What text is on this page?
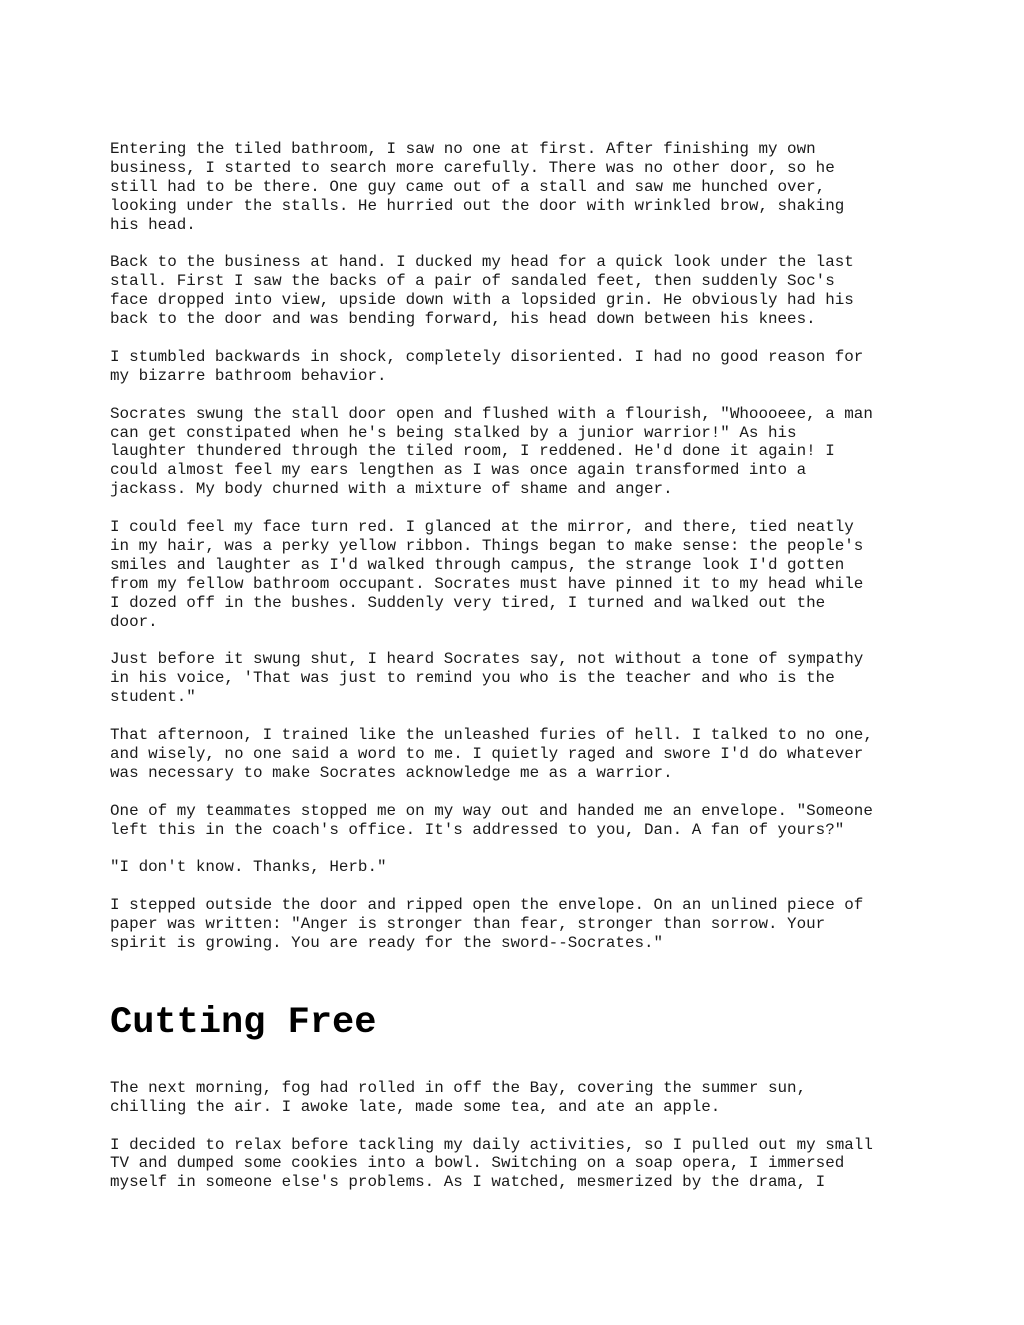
Entering the tiled bathroom, I saw no one at first. After finishing my own
business, I started to search more carefully. There was no other door, so he
still had to be there. One guy came out of a stall and saw me hunched over,
looking under the stalls. He hurried out the door with wrinkled brow, shaking
his head.

Back to the business at hand. I ducked my head for a quick look under the last
stall. First I saw the backs of a pair of sandaled feet, then suddenly Soc's
face dropped into view, upside down with a lopsided grin. He obviously had his
back to the door and was bending forward, his head down between his knees.

I stumbled backwards in shock, completely disoriented. I had no good reason for
my bizarre bathroom behavior.

Socrates swung the stall door open and flushed with a flourish, "Whoooeee, a man
can get constipated when he's being stalked by a junior warrior!" As his
laughter thundered through the tiled room, I reddened. He'd done it again! I
could almost feel my ears lengthen as I was once again transformed into a
jackass. My body churned with a mixture of shame and anger.

I could feel my face turn red. I glanced at the mirror, and there, tied neatly
in my hair, was a perky yellow ribbon. Things began to make sense: the people's
smiles and laughter as I'd walked through campus, the strange look I'd gotten
from my fellow bathroom occupant. Socrates must have pinned it to my head while
I dozed off in the bushes. Suddenly very tired, I turned and walked out the
door.

Just before it swung shut, I heard Socrates say, not without a tone of sympathy
in his voice, 'That was just to remind you who is the teacher and who is the
student."

That afternoon, I trained like the unleashed furies of hell. I talked to no one,
and wisely, no one said a word to me. I quietly raged and swore I'd do whatever
was necessary to make Socrates acknowledge me as a warrior.

One of my teammates stopped me on my way out and handed me an envelope. "Someone
left this in the coach's office. It's addressed to you, Dan. A fan of yours?"

"I don't know. Thanks, Herb."

I stepped outside the door and ripped open the envelope. On an unlined piece of
paper was written: "Anger is stronger than fear, stronger than sorrow. Your
spirit is growing. You are ready for the sword--Socrates."

Cutting Free

The next morning, fog had rolled in off the Bay, covering the summer sun,
chilling the air. I awoke late, made some tea, and ate an apple.

I decided to relax before tackling my daily activities, so I pulled out my small
TV and dumped some cookies into a bowl. Switching on a soap opera, I immersed
myself in someone else's problems. As I watched, mesmerized by the drama, I
